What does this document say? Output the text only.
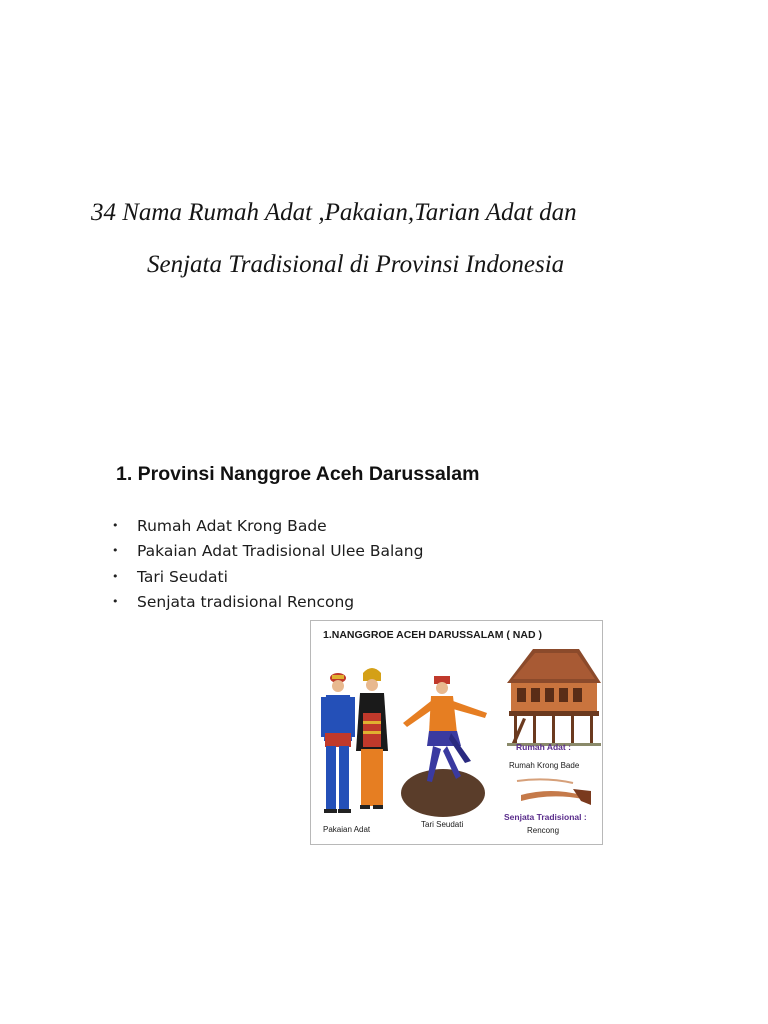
34 Nama Rumah Adat ,Pakaian,Tarian Adat dan
Senjata Tradisional di Provinsi Indonesia
1. Provinsi Nanggroe Aceh Darussalam
•	Rumah Adat Krong Bade
•	Pakaian Adat Tradisional Ulee Balang
•	Tari Seudati
•	Senjata tradisional Rencong
1.NANGGROE ACEH DARUSSALAM ( NAD )
Rumah Adat :
Rumah Krong Bade
Senjata Tradisional :
Rencong
Pakaian Adat
Tari Seudati
